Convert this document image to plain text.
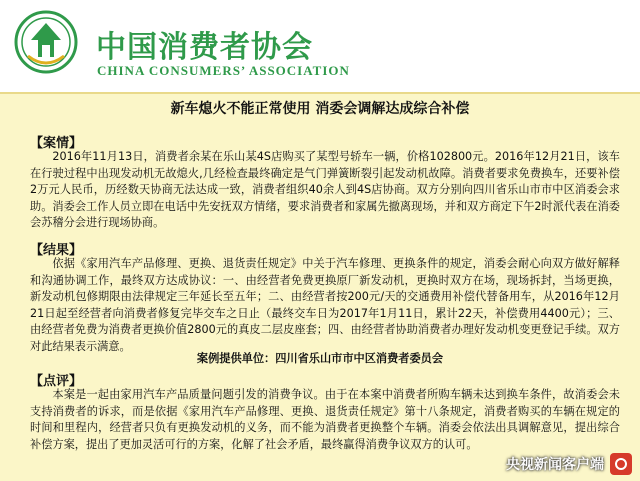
中国消费者协会
CHINA CONSUMERS’ ASSOCIATION
新车熄火不能正常使用 消委会调解达成综合补偿
【案情】
2016年11月13日，消费者余某在乐山某4S店购买了某型号轿车一辆，价格102800元。2016年12月21日，该车在行驶过程中出现发动机无故熄火,几经检查最终确定是气门弹簧断裂引起发动机故障。消费者要求免费换车，还要补偿2万元人民币，历经数天协商无法达成一致，消费者组织40余人到4S店协商。双方分别向四川省乐山市市中区消委会求助。消委会工作人员立即在电话中先安抚双方情绪，要求消费者和家属先撤离现场，并和双方商定下午2时派代表在消委会苏稽分会进行现场协商。
【结果】
依据《家用汽车产品修理、更换、退货责任规定》中关于汽车修理、更换条件的规定，消委会耐心向双方做好解释和沟通协调工作，最终双方达成协议：一、由经营者免费更换原厂新发动机，更换时双方在场，现场拆封，当场更换，新发动机包修期限由法律规定三年延长至五年；二、由经营者按200元/天的交通费用补偿代替备用车，从2016年12月21日起至经营者向消费者修复完毕交车之日止（最终交车日为2017年1月11日，累计22天，补偿费用4400元）；三、由经营者免费为消费者更换价值2800元的真皮二层皮座套；四、由经营者协助消费者办理好发动机变更登记手续。双方对此结果表示满意。
案例提供单位：四川省乐山市市中区消费者委员会
【点评】
本案是一起由家用汽车产品质量问题引发的消费争议。由于在本案中消费者所购车辆未达到换车条件，故消委会未支持消费者的诉求，而是依据《家用汽车产品修理、更换、退货责任规定》第十八条规定，消费者购买的车辆在规定的时间和里程内，经营者只负有更换发动机的义务，而不能为消费者更换整个车辆。消委会依法出具调解意见，提出综合补偿方案，提出了更加灵活可行的方案，化解了社会矛盾，最终赢得消费争议双方的认可。
央视新闻客户端
